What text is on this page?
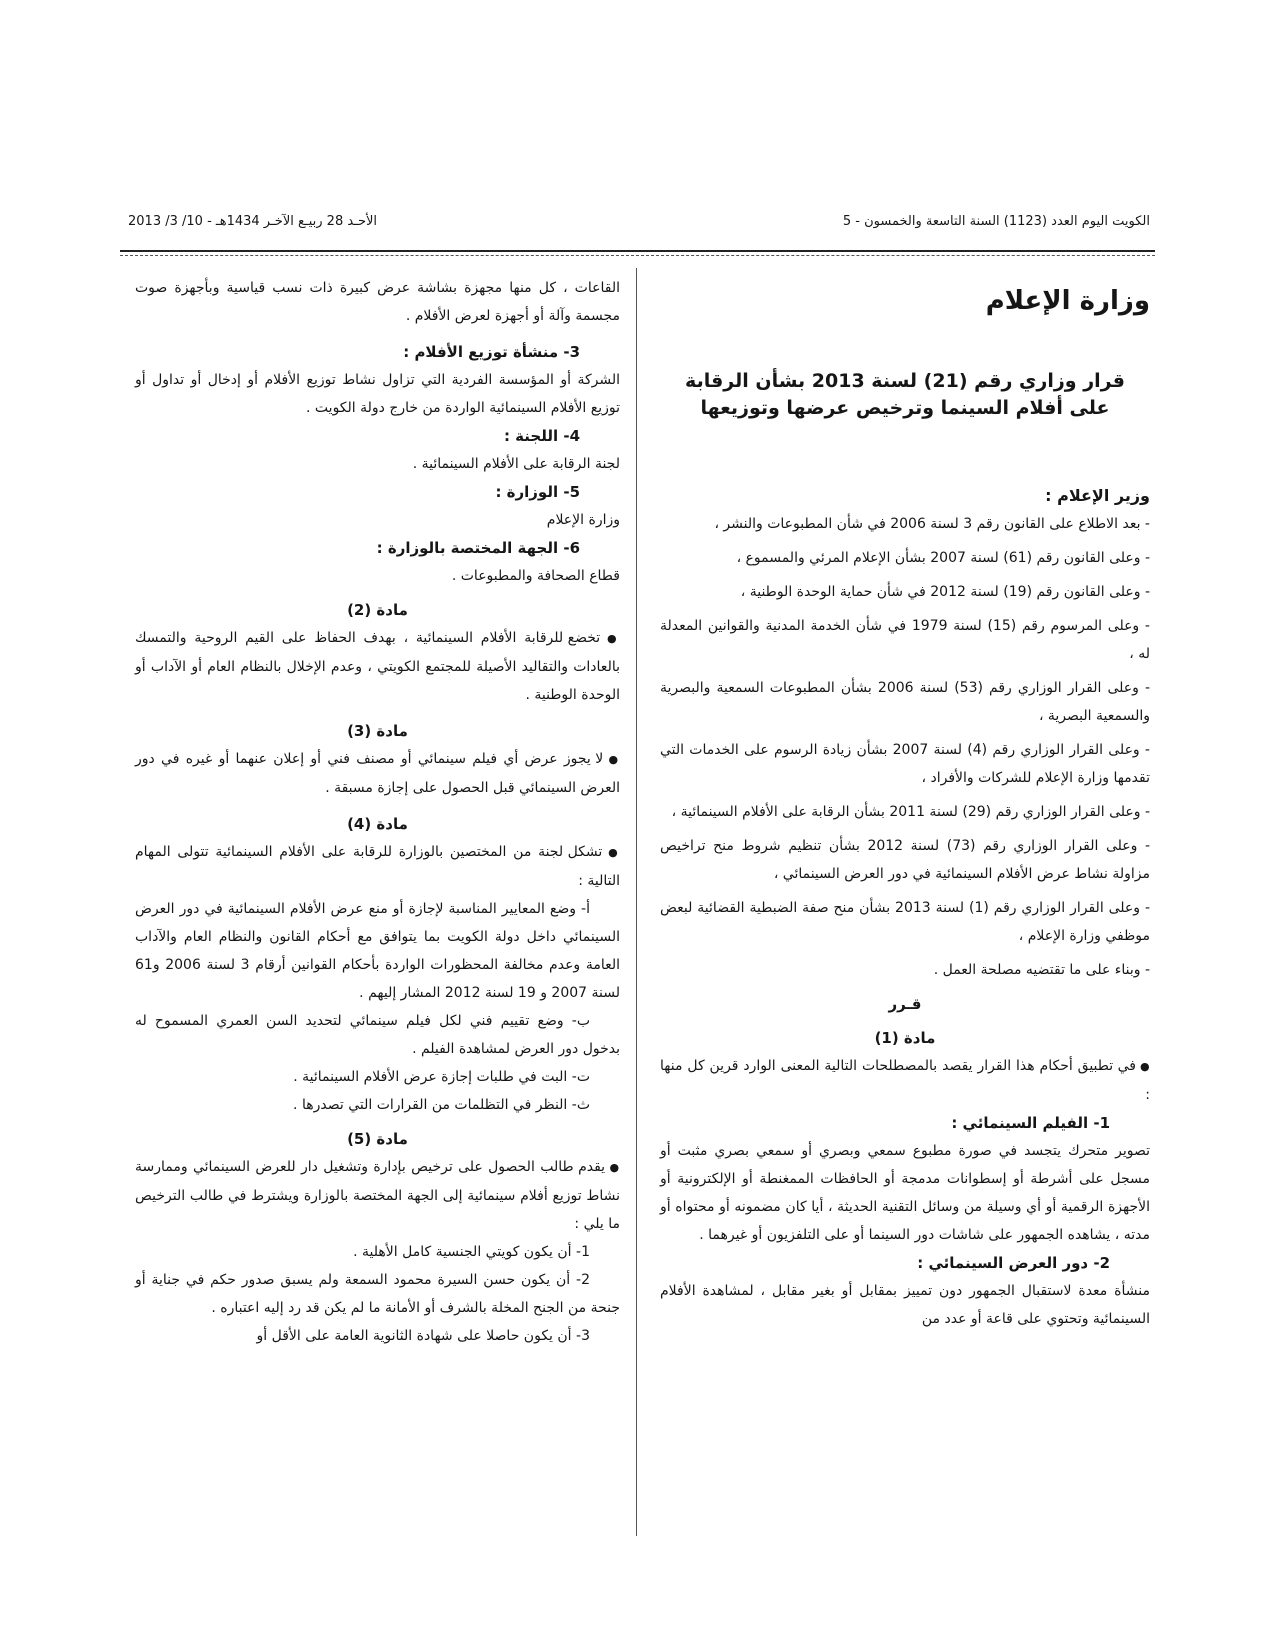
الكويت اليوم العدد (1123) السنة التاسعة والخمسون - 5
الأحـد 28 ربيـع الآخـر 1434هـ - 10/ 3/ 2013

وزارة الإعلام

قرار وزاري رقم (21) لسنة 2013 بشأن الرقابة على أفلام السينما وترخيص عرضها وتوزيعها

وزير الإعلام :

- بعد الاطلاع على القانون رقم 3 لسنة 2006 في شأن المطبوعات والنشر ،

- وعلى القانون رقم (61) لسنة 2007 بشأن الإعلام المرئي والمسموع ،

- وعلى القانون رقم (19) لسنة 2012 في شأن حماية الوحدة الوطنية ،

- وعلى المرسوم رقم (15) لسنة 1979 في شأن الخدمة المدنية والقوانين المعدلة له ،

- وعلى القرار الوزاري رقم (53) لسنة 2006 بشأن المطبوعات السمعية والبصرية والسمعية البصرية ،

- وعلى القرار الوزاري رقم (4) لسنة 2007 بشأن زيادة الرسوم على الخدمات التي تقدمها وزارة الإعلام للشركات والأفراد ،

- وعلى القرار الوزاري رقم (29) لسنة 2011 بشأن الرقابة على الأفلام السينمائية ،

- وعلى القرار الوزاري رقم (73) لسنة 2012 بشأن تنظيم شروط منح تراخيص مزاولة نشاط عرض الأفلام السينمائية في دور العرض السينمائي ،

- وعلى القرار الوزاري رقم (1) لسنة 2013 بشأن منح صفة الضبطية القضائية لبعض موظفي وزارة الإعلام ،

- وبناء على ما تقتضيه مصلحة العمل .

قـرر

مادة (1)

● في تطبيق أحكام هذا القرار يقصد بالمصطلحات التالية المعنى الوارد قرين كل منها :

1- الفيلم السينمائي :

تصوير متحرك يتجسد في صورة مطبوع سمعي وبصري أو سمعي بصري مثبت أو مسجل على أشرطة أو إسطوانات مدمجة أو الحافظات الممغنطة أو الإلكترونية أو الأجهزة الرقمية أو أي وسيلة من وسائل التقنية الحديثة ، أيا كان مضمونه أو محتواه أو مدته ، يشاهده الجمهور على شاشات دور السينما أو على التلفزيون أو غيرهما .

2- دور العرض السينمائي :

منشأة معدة لاستقبال الجمهور دون تمييز بمقابل أو بغير مقابل ، لمشاهدة الأفلام السينمائية وتحتوي على قاعة أو عدد من

القاعات ، كل منها مجهزة بشاشة عرض كبيرة ذات نسب قياسية وبأجهزة صوت مجسمة وآلة أو أجهزة لعرض الأفلام .

3- منشأة توزيع الأفلام :

الشركة أو المؤسسة الفردية التي تزاول نشاط توزيع الأفلام أو إدخال أو تداول أو توزيع الأفلام السينمائية الواردة من خارج دولة الكويت .

4- اللجنة :

لجنة الرقابة على الأفلام السينمائية .

5- الوزارة :

وزارة الإعلام

6- الجهة المختصة بالوزارة :

قطاع الصحافة والمطبوعات .

مادة (2)

● تخضع للرقابة الأفلام السينمائية ، بهدف الحفاظ على القيم الروحية والتمسك بالعادات والتقاليد الأصيلة للمجتمع الكويتي ، وعدم الإخلال بالنظام العام أو الآداب أو الوحدة الوطنية .

مادة (3)

● لا يجوز عرض أي فيلم سينمائي أو مصنف فني أو إعلان عنهما أو غيره في دور العرض السينمائي قبل الحصول على إجازة مسبقة .

مادة (4)

● تشكل لجنة من المختصين بالوزارة للرقابة على الأفلام السينمائية تتولى المهام التالية :

أ- وضع المعايير المناسبة لإجازة أو منع عرض الأفلام السينمائية في دور العرض السينمائي داخل دولة الكويت بما يتوافق مع أحكام القانون والنظام العام والآداب العامة وعدم مخالفة المحظورات الواردة بأحكام القوانين أرقام 3 لسنة 2006 و61 لسنة 2007 و 19 لسنة 2012 المشار إليهم .

ب- وضع تقييم فني لكل فيلم سينمائي لتحديد السن العمري المسموح له بدخول دور العرض لمشاهدة الفيلم .

ت- البت في طلبات إجازة عرض الأفلام السينمائية .

ث- النظر في التظلمات من القرارات التي تصدرها .

مادة (5)

● يقدم طالب الحصول على ترخيص بإدارة وتشغيل دار للعرض السينمائي وممارسة نشاط توزيع أفلام سينمائية إلى الجهة المختصة بالوزارة ويشترط في طالب الترخيص ما يلي :

1- أن يكون كويتي الجنسية كامل الأهلية .

2- أن يكون حسن السيرة محمود السمعة ولم يسبق صدور حكم في جناية أو جنحة من الجنح المخلة بالشرف أو الأمانة ما لم يكن قد رد إليه اعتباره .

3- أن يكون حاصلا على شهادة الثانوية العامة على الأقل أو
